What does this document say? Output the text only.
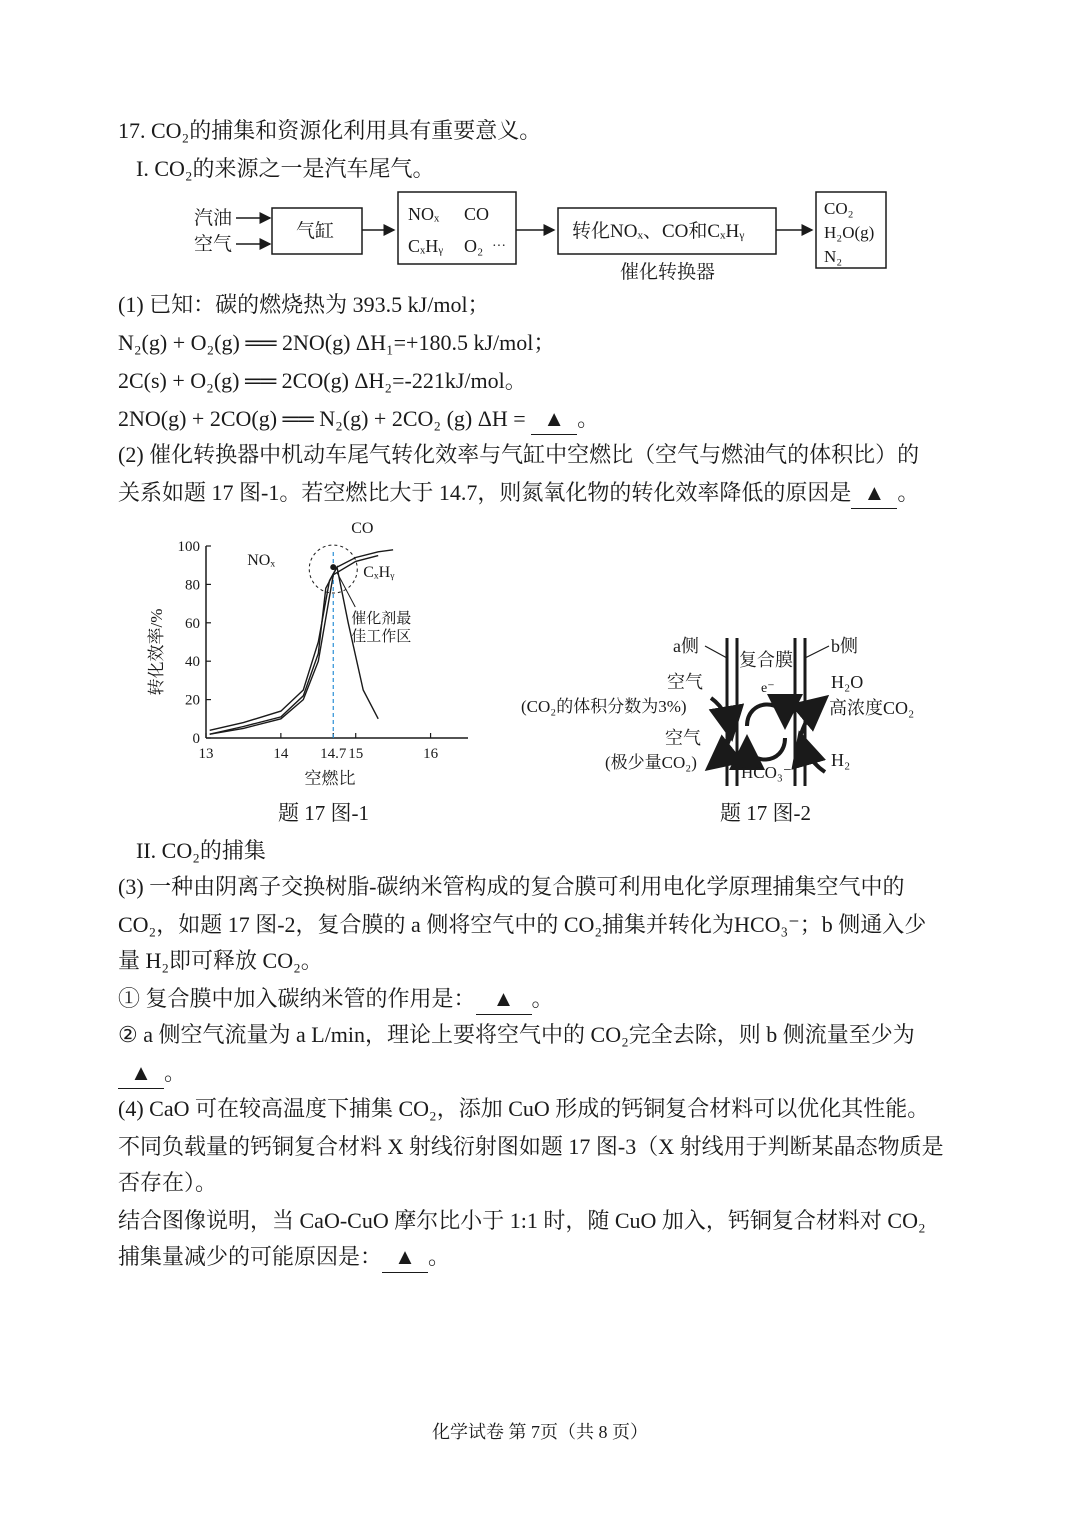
17. CO₂的捕集和资源化利用具有重要意义。
I. CO₂的来源之一是汽车尾气。
汽油
空气
气缸
NOₓ CO
CₓHᵧ O₂ ···
转化NOₓ、CO和CₓHᵧ
催化转换器
CO₂
H₂O(g)
N₂
(1) 已知：碳的燃烧热为 393.5 kJ/mol；
N₂(g) + O₂(g) ══ 2NO(g) ΔH₁=+180.5 kJ/mol；
2C(s) + O₂(g) ══ 2CO(g) ΔH₂=-221kJ/mol。
2NO(g) + 2CO(g) ══ N₂(g) + 2CO₂ (g) ΔH = ▲ 。
(2) 催化转换器中机动车尾气转化效率与气缸中空燃比（空气与燃油气的体积比）的
关系如题 17 图-1。若空燃比大于 14.7，则氮氧化物的转化效率降低的原因是 ▲ 。
0
20
40
60
80
100
13	14 14.7 15	16
催化剂最
佳工作区
NOₓ
CO
CₓHᵧ
转化效率/%
空燃比
题 17 图-1
a侧
复合膜
b侧
e⁻
空气
(CO₂的体积分数为3%)
空气
(极少量CO₂)
HCO₃⁻
H₂O
高浓度CO₂
H₂
题 17 图-2
II. CO₂的捕集
(3) 一种由阴离子交换树脂-碳纳米管构成的复合膜可利用电化学原理捕集空气中的
CO₂，如题 17 图-2，复合膜的 a 侧将空气中的 CO₂捕集并转化为HCO₃⁻；b 侧通入少
量 H₂即可释放 CO₂。
① 复合膜中加入碳纳米管的作用是： ▲ 。
② a 侧空气流量为 a L/min，理论上要将空气中的 CO₂完全去除，则 b 侧流量至少为
▲ 。
(4) CaO 可在较高温度下捕集 CO₂，添加 CuO 形成的钙铜复合材料可以优化其性能。
不同负载量的钙铜复合材料 X 射线衍射图如题 17 图-3（X 射线用于判断某晶态物质是
否存在）。
结合图像说明，当 CaO-CuO 摩尔比小于 1:1 时，随 CuO 加入，钙铜复合材料对 CO₂
捕集量减少的可能原因是： ▲ 。
化学试卷 第 7页（共 8 页）
